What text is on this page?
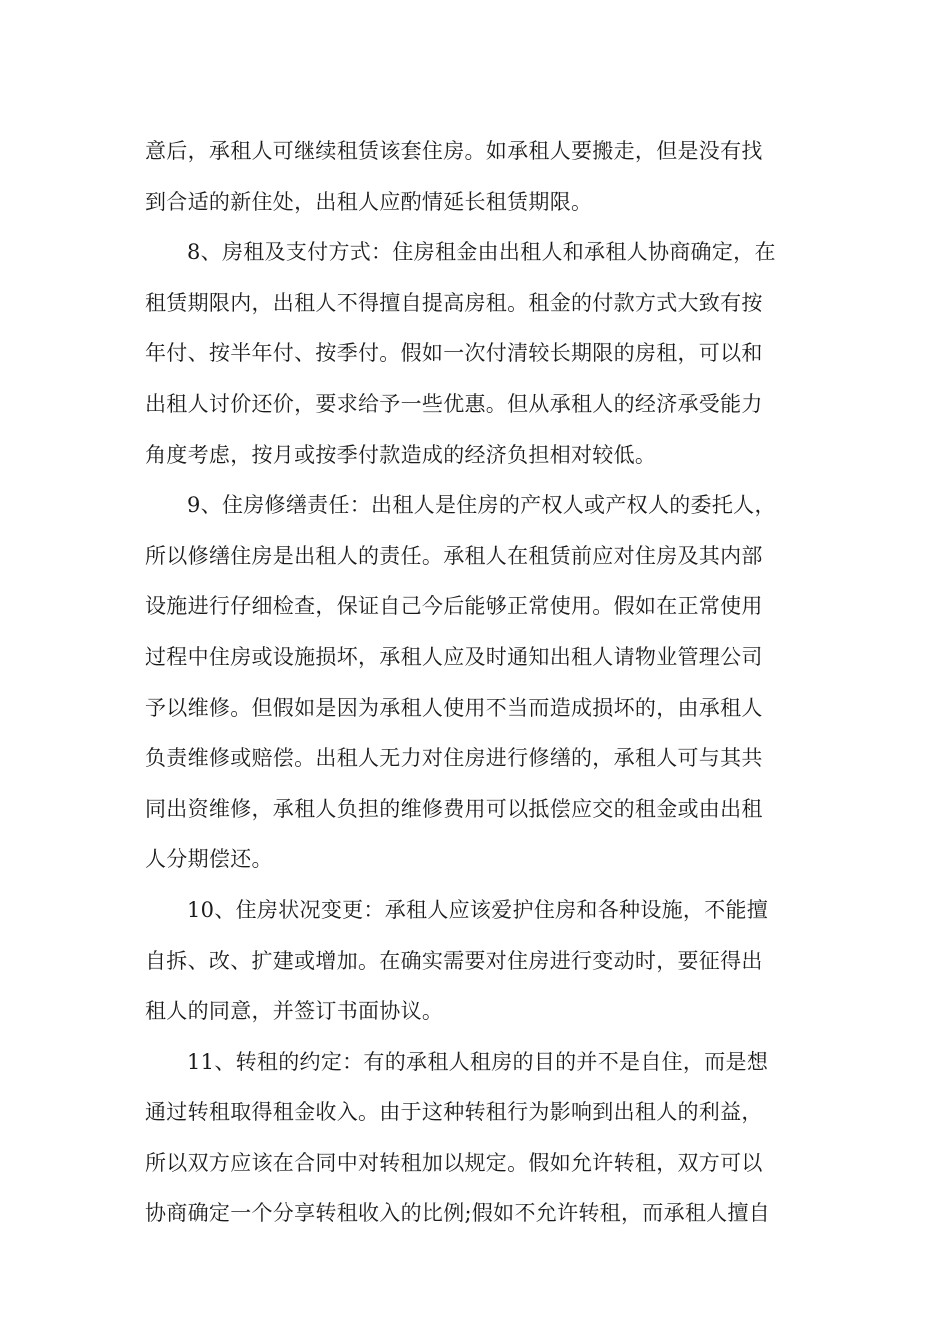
意后，承租人可继续租赁该套住房。如承租人要搬走，但是没有找
到合适的新住处，出租人应酌情延长租赁期限。

8、房租及支付方式：住房租金由出租人和承租人协商确定，在
租赁期限内，出租人不得擅自提高房租。租金的付款方式大致有按
年付、按半年付、按季付。假如一次付清较长期限的房租，可以和
出租人讨价还价，要求给予一些优惠。但从承租人的经济承受能力
角度考虑，按月或按季付款造成的经济负担相对较低。

9、住房修缮责任：出租人是住房的产权人或产权人的委托人，
所以修缮住房是出租人的责任。承租人在租赁前应对住房及其内部
设施进行仔细检查，保证自己今后能够正常使用。假如在正常使用
过程中住房或设施损坏，承租人应及时通知出租人请物业管理公司
予以维修。但假如是因为承租人使用不当而造成损坏的，由承租人
负责维修或赔偿。出租人无力对住房进行修缮的，承租人可与其共
同出资维修，承租人负担的维修费用可以抵偿应交的租金或由出租
人分期偿还。

10、住房状况变更：承租人应该爱护住房和各种设施，不能擅
自拆、改、扩建或增加。在确实需要对住房进行变动时，要征得出
租人的同意，并签订书面协议。

11、转租的约定：有的承租人租房的目的并不是自住，而是想
通过转租取得租金收入。由于这种转租行为影响到出租人的利益，
所以双方应该在合同中对转租加以规定。假如允许转租，双方可以
协商确定一个分享转租收入的比例;假如不允许转租，而承租人擅自
